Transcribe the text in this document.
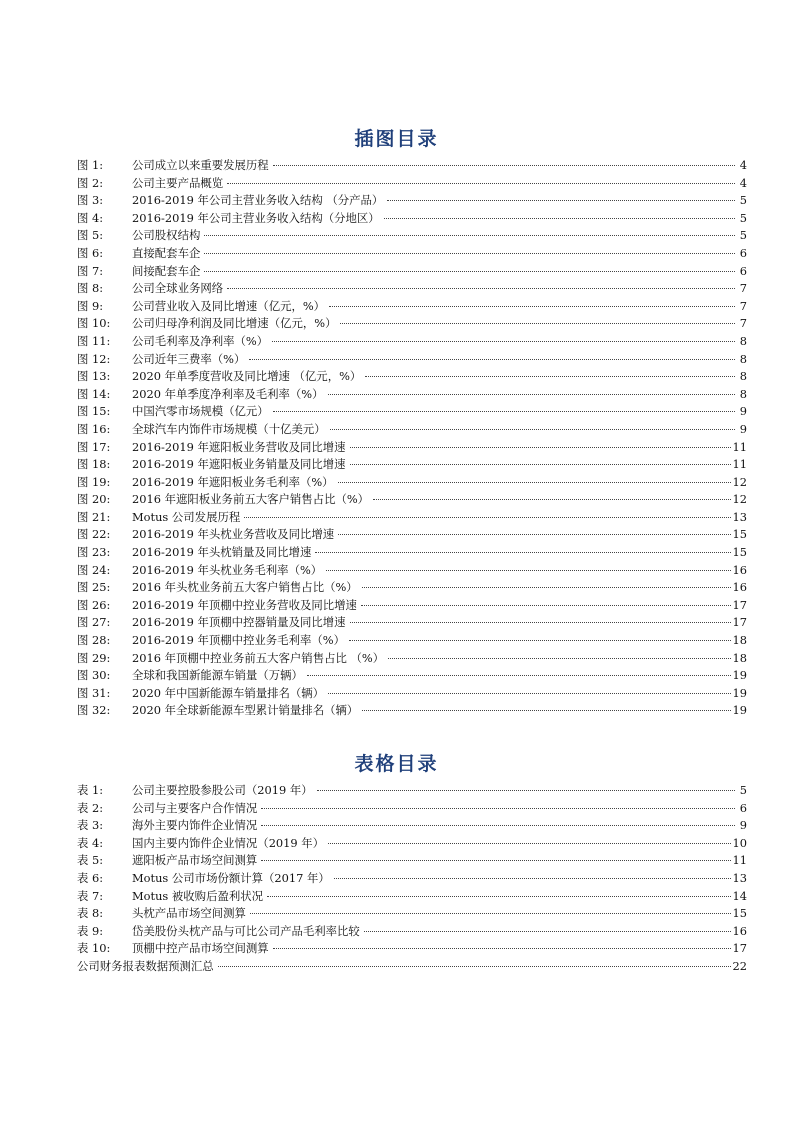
插图目录
图 1:	公司成立以来重要发展历程	4
图 2:	公司主要产品概览	4
图 3:	2016-2019 年公司主营业务收入结构 （分产品）	5
图 4:	2016-2019 年公司主营业务收入结构（分地区）	5
图 5:	公司股权结构	5
图 6:	直接配套车企	6
图 7:	间接配套车企	6
图 8:	公司全球业务网络	7
图 9:	公司营业收入及同比增速（亿元，%）	7
图 10:	公司归母净利润及同比增速（亿元，%）	7
图 11:	公司毛利率及净利率（%）	8
图 12:	公司近年三费率（%）	8
图 13:	2020 年单季度营收及同比增速 （亿元，%）	8
图 14:	2020 年单季度净利率及毛利率（%）	8
图 15:	中国汽零市场规模（亿元）	9
图 16:	全球汽车内饰件市场规模（十亿美元）	9
图 17:	2016-2019 年遮阳板业务营收及同比增速	11
图 18:	2016-2019 年遮阳板业务销量及同比增速	11
图 19:	2016-2019 年遮阳板业务毛利率（%）	12
图 20:	2016 年遮阳板业务前五大客户销售占比（%）	12
图 21:	Motus 公司发展历程	13
图 22:	2016-2019 年头枕业务营收及同比增速	15
图 23:	2016-2019 年头枕销量及同比增速	15
图 24:	2016-2019 年头枕业务毛利率（%）	16
图 25:	2016 年头枕业务前五大客户销售占比（%）	16
图 26:	2016-2019 年顶棚中控业务营收及同比增速	17
图 27:	2016-2019 年顶棚中控器销量及同比增速	17
图 28:	2016-2019 年顶棚中控业务毛利率（%）	18
图 29:	2016 年顶棚中控业务前五大客户销售占比 （%）	18
图 30:	全球和我国新能源车销量（万辆）	19
图 31:	2020 年中国新能源车销量排名（辆）	19
图 32:	2020 年全球新能源车型累计销量排名（辆）	19
表格目录
表 1:	公司主要控股参股公司（2019 年）	5
表 2:	公司与主要客户合作情况	6
表 3:	海外主要内饰件企业情况	9
表 4:	国内主要内饰件企业情况（2019 年）	10
表 5:	遮阳板产品市场空间测算	11
表 6:	Motus 公司市场份额计算（2017 年）	13
表 7:	Motus 被收购后盈利状况	14
表 8:	头枕产品市场空间测算	15
表 9:	岱美股份头枕产品与可比公司产品毛利率比较	16
表 10:	顶棚中控产品市场空间测算	17
公司财务报表数据预测汇总	22
